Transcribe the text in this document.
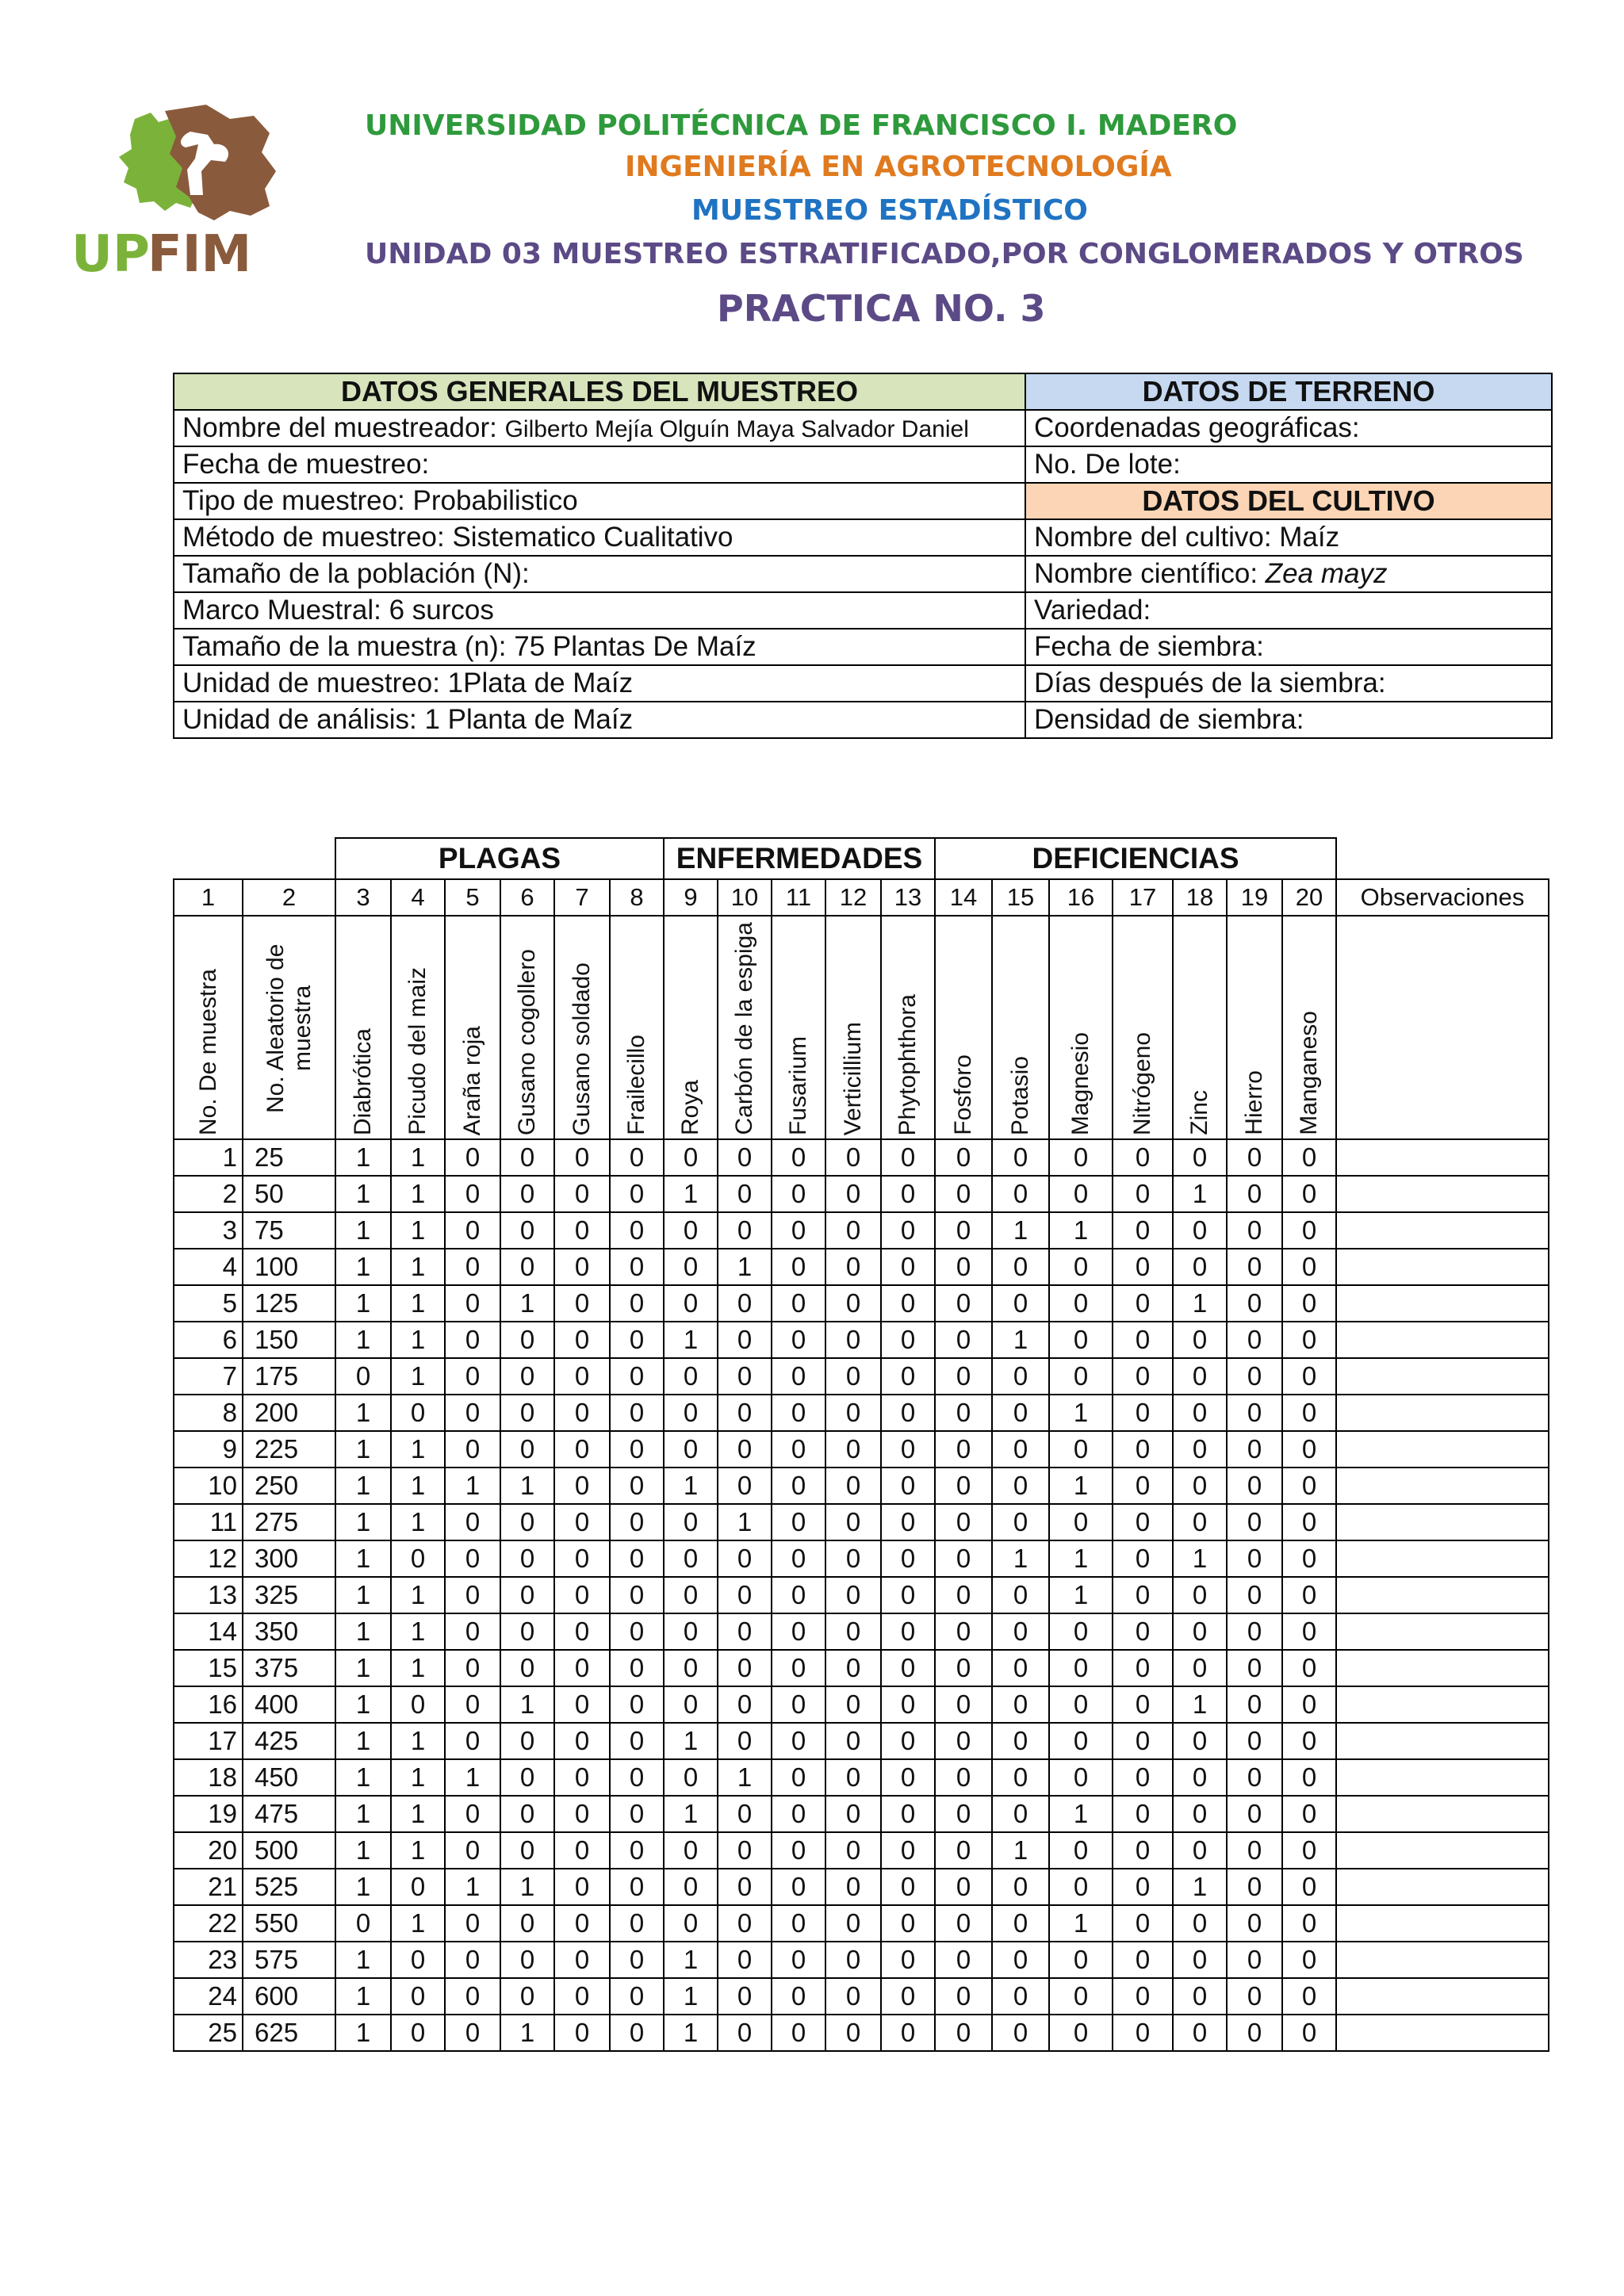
UP
FIM
UNIVERSIDAD POLITÉCNICA DE FRANCISCO I. MADERO
INGENIERÍA EN AGROTECNOLOGÍA
MUESTREO ESTADÍSTICO
UNIDAD 03 MUESTREO ESTRATIFICADO,POR CONGLOMERADOS Y OTROS
PRACTICA NO. 3
DATOS GENERALES DEL MUESTREO	DATOS DE TERRENO
Nombre del muestreador: Gilberto Mejía Olguín Maya Salvador Daniel	Coordenadas geográficas:
Fecha de muestreo:	No. De lote:
Tipo de muestreo: Probabilistico	DATOS DEL CULTIVO
Método de muestreo: Sistematico Cualitativo	Nombre del cultivo: Maíz
Tamaño de la población (N):	Nombre científico: Zea mayz
Marco Muestral: 6 surcos	Variedad:
Tamaño de la muestra (n): 75 Plantas De Maíz	Fecha de siembra:
Unidad de muestreo: 1Plata de Maíz	Días después de la siembra:
Unidad de análisis: 1 Planta de Maíz	Densidad de siembra:
		PLAGAS						ENFERMEDADES					DEFICIENCIAS							
1	2	3	4	5	6	7	8	9	10	11	12	13	14	15	16	17	18	19	20	Observaciones

No. De muestra	No. Aleatorio de muestra	Diabrótica	Picudo del maiz	Araña roja	Gusano cogollero	Gusano soldado	Frailecillo	Roya	Carbón de la espiga	Fusarium	Verticillium	Phytophthora	Fosforo	Potasio	Magnesio	Nitrógeno	Zinc	Hierro	Manganeso	

1	25	1	1	0	0	0	0	0	0	0	0	0	0	0	0	0	0	0	0	
2	50	1	1	0	0	0	0	1	0	0	0	0	0	0	0	0	1	0	0	
3	75	1	1	0	0	0	0	0	0	0	0	0	0	1	1	0	0	0	0	
4	100	1	1	0	0	0	0	0	1	0	0	0	0	0	0	0	0	0	0	
5	125	1	1	0	1	0	0	0	0	0	0	0	0	0	0	0	1	0	0	
6	150	1	1	0	0	0	0	1	0	0	0	0	0	1	0	0	0	0	0	
7	175	0	1	0	0	0	0	0	0	0	0	0	0	0	0	0	0	0	0	
8	200	1	0	0	0	0	0	0	0	0	0	0	0	0	1	0	0	0	0	
9	225	1	1	0	0	0	0	0	0	0	0	0	0	0	0	0	0	0	0	
10	250	1	1	1	1	0	0	1	0	0	0	0	0	0	1	0	0	0	0	
11	275	1	1	0	0	0	0	0	1	0	0	0	0	0	0	0	0	0	0	
12	300	1	0	0	0	0	0	0	0	0	0	0	0	1	1	0	1	0	0	
13	325	1	1	0	0	0	0	0	0	0	0	0	0	0	1	0	0	0	0	
14	350	1	1	0	0	0	0	0	0	0	0	0	0	0	0	0	0	0	0	
15	375	1	1	0	0	0	0	0	0	0	0	0	0	0	0	0	0	0	0	
16	400	1	0	0	1	0	0	0	0	0	0	0	0	0	0	0	1	0	0	
17	425	1	1	0	0	0	0	1	0	0	0	0	0	0	0	0	0	0	0	
18	450	1	1	1	0	0	0	0	1	0	0	0	0	0	0	0	0	0	0	
19	475	1	1	0	0	0	0	1	0	0	0	0	0	0	1	0	0	0	0	
20	500	1	1	0	0	0	0	0	0	0	0	0	0	1	0	0	0	0	0	
21	525	1	0	1	1	0	0	0	0	0	0	0	0	0	0	0	1	0	0	
22	550	0	1	0	0	0	0	0	0	0	0	0	0	0	1	0	0	0	0	
23	575	1	0	0	0	0	0	1	0	0	0	0	0	0	0	0	0	0	0	
24	600	1	0	0	0	0	0	1	0	0	0	0	0	0	0	0	0	0	0	
25	625	1	0	0	1	0	0	1	0	0	0	0	0	0	0	0	0	0	0	
